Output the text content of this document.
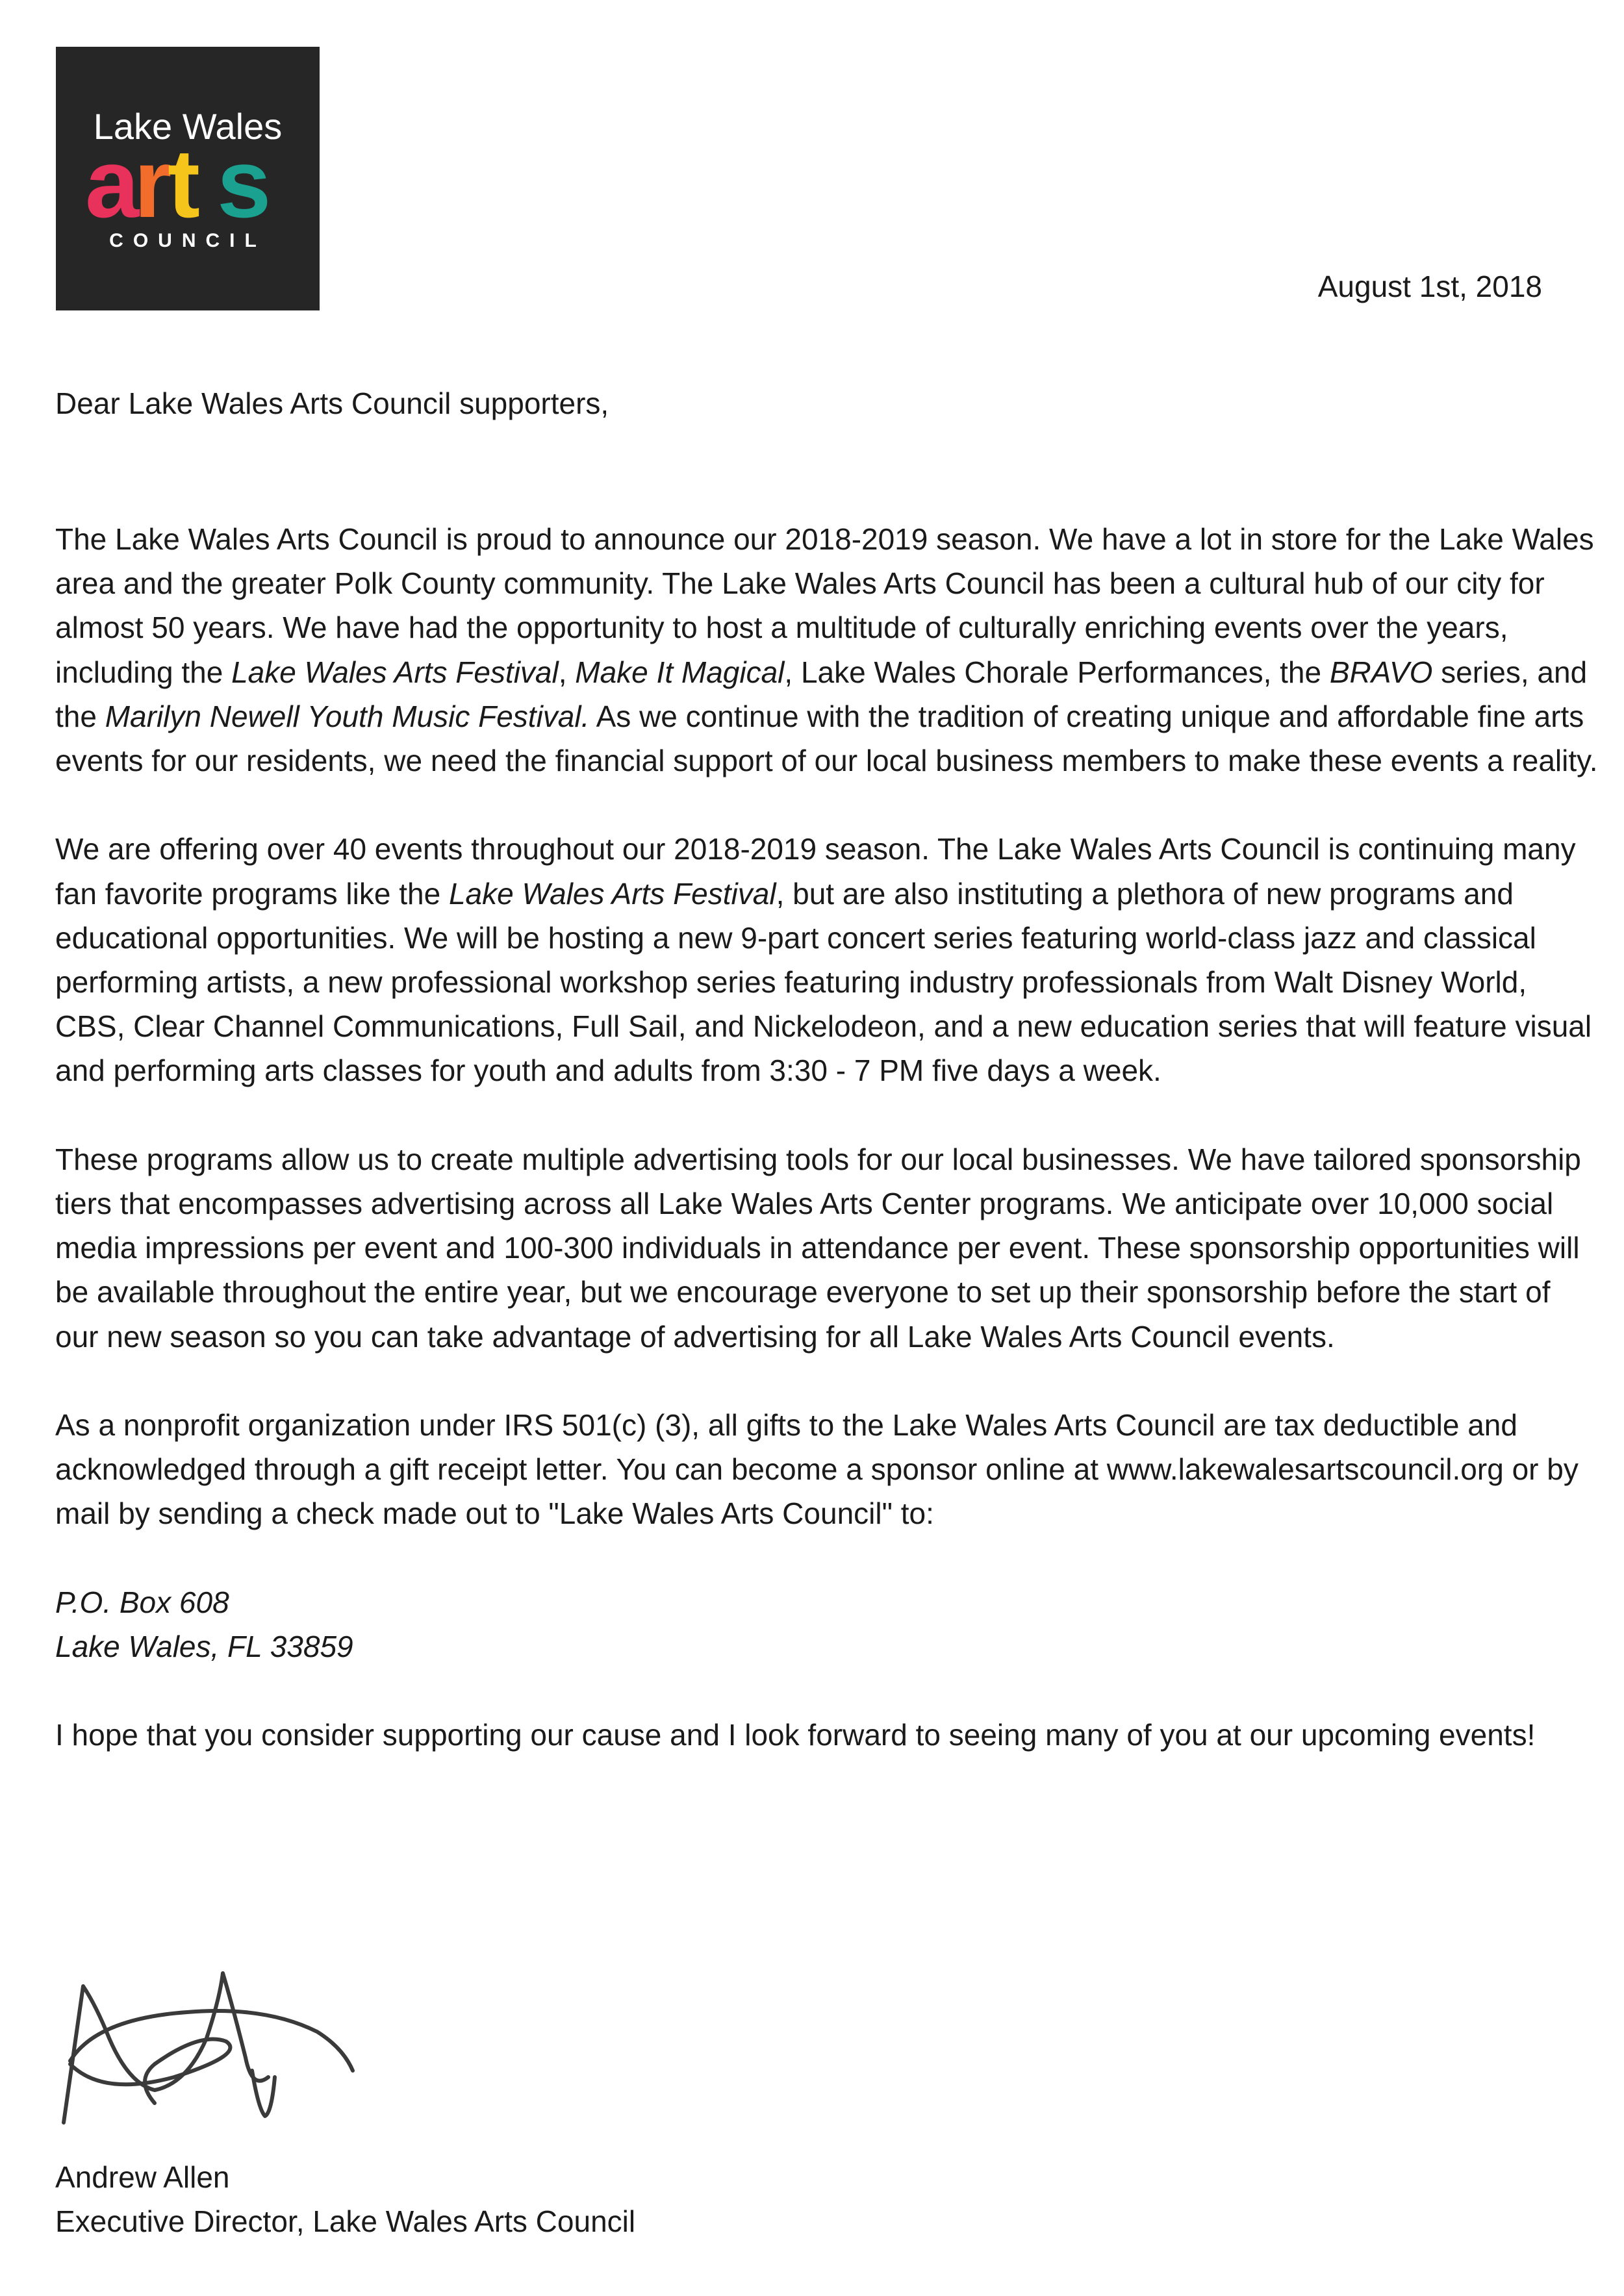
Lake Wales
a
r
t s
COUNCIL
August 1st, 2018
Dear Lake Wales Arts Council supporters,

The Lake Wales Arts Council is proud to announce our 2018-2019 season. We have a lot in store for the Lake Wales area and the greater Polk County community. The Lake Wales Arts Council has been a cultural hub of our city for almost 50 years. We have had the opportunity to host a multitude of culturally enriching events over the years, including the Lake Wales Arts Festival, Make It Magical, Lake Wales Chorale Performances, the BRAVO series, and the Marilyn Newell Youth Music Festival. As we continue with the tradition of creating unique and affordable fine arts events for our residents, we need the financial support of our local business members to make these events a reality.

We are offering over 40 events throughout our 2018-2019 season. The Lake Wales Arts Council is continuing many fan favorite programs like the Lake Wales Arts Festival, but are also instituting a plethora of new programs and educational opportunities. We will be hosting a new 9-part concert series featuring world-class jazz and classical performing artists, a new professional workshop series featuring industry professionals from Walt Disney World, CBS, Clear Channel Communications, Full Sail, and Nickelodeon, and a new education series that will feature visual and performing arts classes for youth and adults from 3:30 - 7 PM five days a week.

These programs allow us to create multiple advertising tools for our local businesses. We have tailored sponsorship tiers that encompasses advertising across all Lake Wales Arts Center programs. We anticipate over 10,000 social media impressions per event and 100-300 individuals in attendance per event. These sponsorship opportunities will be available throughout the entire year, but we encourage everyone to set up their sponsorship before the start of our new season so you can take advantage of advertising for all Lake Wales Arts Council events.

As a nonprofit organization under IRS 501(c) (3), all gifts to the Lake Wales Arts Council are tax deductible and acknowledged through a gift receipt letter. You can become a sponsor online at www.lakewalesartscouncil.org or by mail by sending a check made out to "Lake Wales Arts Council" to:

P.O. Box 608
Lake Wales, FL 33859

I hope that you consider supporting our cause and I look forward to seeing many of you at our upcoming events!

Andrew Allen
Executive Director, Lake Wales Arts Council
